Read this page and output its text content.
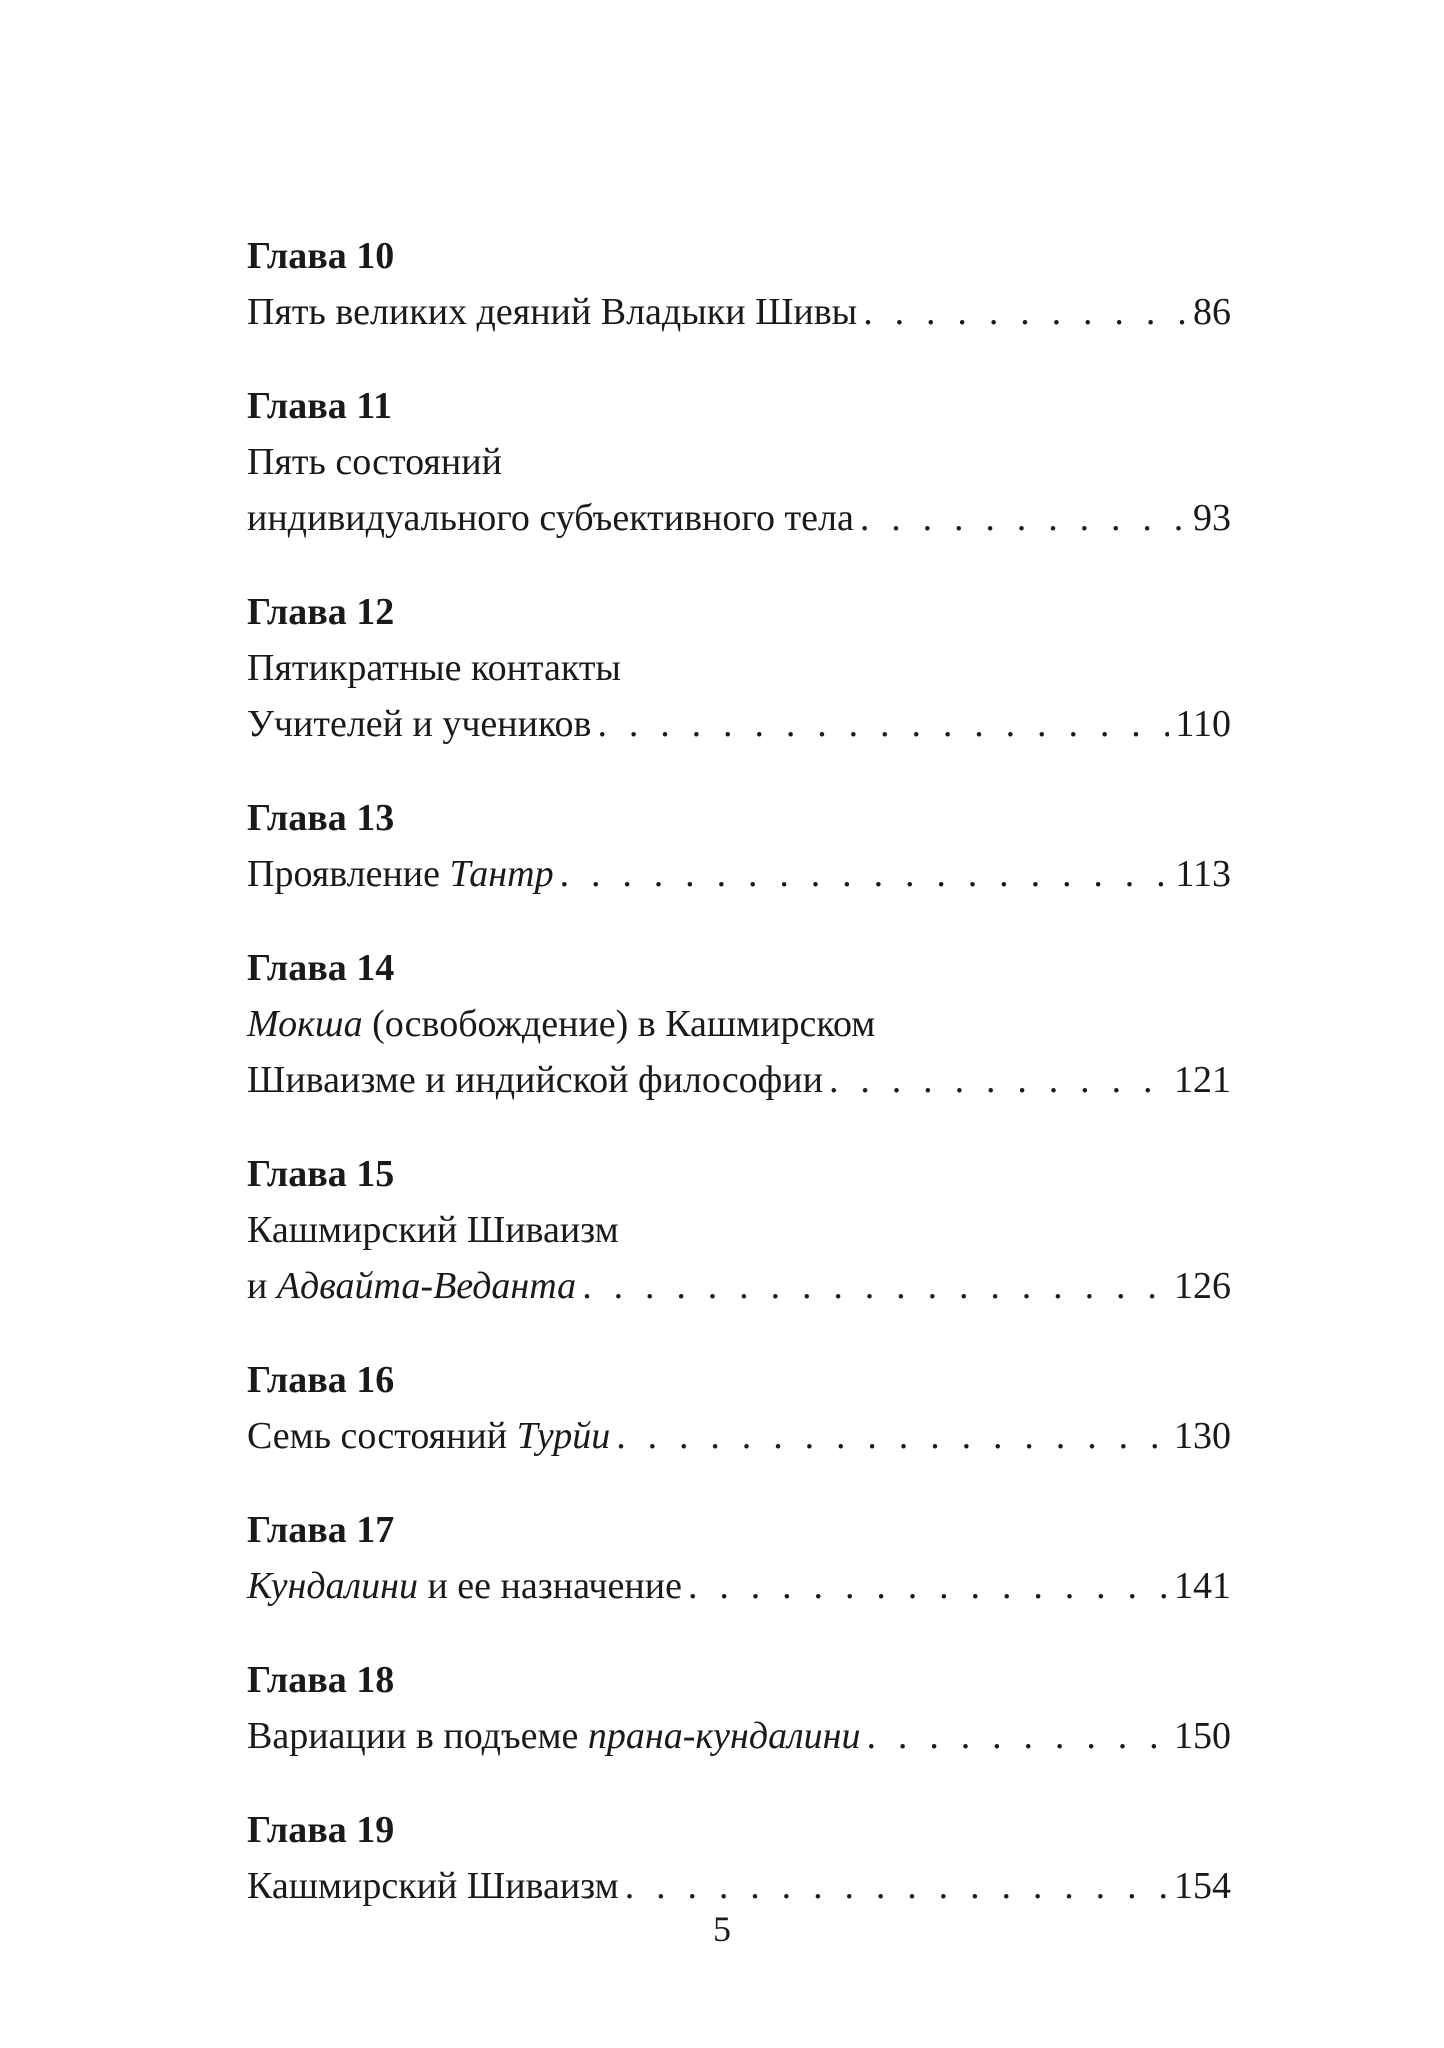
Глава 10
Пять великих деяний Владыки Шивы . . .	86
Глава 11
Пять состояний
индивидуального субъективного тела . . .	93
Глава 12
Пятикратные контакты
Учителей и учеников . . .	110
Глава 13
Проявление Тантр . . .	113
Глава 14
Мокша (освобождение) в Кашмирском
Шиваизме и индийской философии . . .	121
Глава 15
Кашмирский Шиваизм
и Адвайта-Веданта . . .	126
Глава 16
Семь состояний Турйи . . .	130
Глава 17
Кундалини и ее назначение . . .	141
Глава 18
Вариации в подъеме прана-кундалини . . .	150
Глава 19
Кашмирский Шиваизм . . .	154
5
